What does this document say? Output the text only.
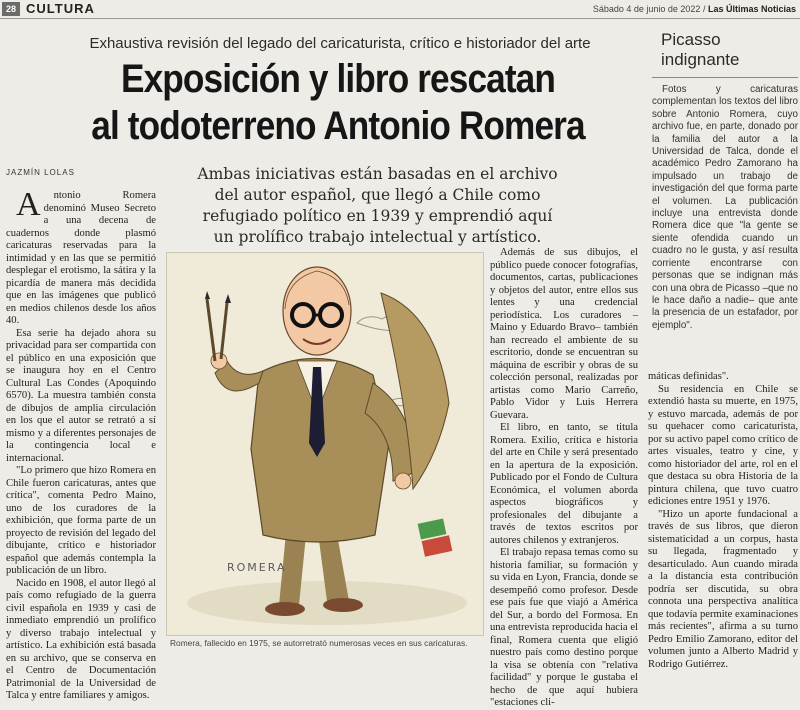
28 CULTURA	Sábado 4 de junio de 2022 / Las Últimas Noticias
Exhaustiva revisión del legado del caricaturista, crítico e historiador del arte
Exposición y libro rescatan
al todoterreno Antonio Romera
JAZMÍN LOLAS	Ambas iniciativas están basadas en el archivo del autor español, que llegó a Chile como refugiado político en 1939 y emprendió aquí un prolífico trabajo intelectual y artístico.

Antonio Romera denominó Museo Secreto a una decena de cuadernos donde plasmó caricaturas reservadas para la intimidad y en las que se permitió desplegar el erotismo, la sátira y la picardía de manera más decidida que en las imágenes que publicó en medios chilenos desde los años 40.

Esa serie ha dejado ahora su privacidad para ser compartida con el público en una exposición que se inaugura hoy en el Centro Cultural Las Condes (Apoquindo 6570). La muestra también consta de dibujos de amplia circulación en los que el autor se retrató a sí mismo y a diferentes personajes de la contingencia local e internacional.

"Lo primero que hizo Romera en Chile fueron caricaturas, antes que crítica", comenta Pedro Maino, uno de los curadores de la exhibición, que forma parte de un proyecto de revisión del legado del dibujante, crítico e historiador español que además contempla la publicación de un libro.

Nacido en 1908, el autor llegó al país como refugiado de la guerra civil española en 1939 y casi de inmediato emprendió un prolífico y diverso trabajo intelectual y artístico. La exhibición está basada en su archivo, que se conserva en el Centro de Documentación Patrimonial de la Universidad de Talca y entre familiares y amigos.

ROMERA
Romera, fallecido en 1975, se autorretrató numerosas veces en sus caricaturas.

Además de sus dibujos, el público puede conocer fotografías, documentos, cartas, publicaciones y objetos del autor, entre ellos sus lentes y una credencial periodística. Los curadores –Maino y Eduardo Bravo– también han recreado el ambiente de su escritorio, donde se encuentran su máquina de escribir y obras de su colección personal, realizadas por artistas como Mario Carreño, Pablo Vidor y Luis Herrera Guevara.

El libro, en tanto, se titula Romera. Exilio, crítica e historia del arte en Chile y será presentado en la apertura de la exposición. Publicado por el Fondo de Cultura Económica, el volumen aborda aspectos biográficos y profesionales del dibujante a través de textos escritos por autores chilenos y extranjeros.

El trabajo repasa temas como su historia familiar, su formación y su vida en Lyon, Francia, donde se desempeñó como profesor. Desde ese país fue que viajó a América del Sur, a bordo del Formosa. En una entrevista reproducida hacia el final, Romera cuenta que eligió nuestro país como destino porque la visa se obtenía con "relativa facilidad" y porque le gustaba el hecho de que aquí hubiera "estaciones cli-

Picasso
indignante

Fotos y caricaturas complementan los textos del libro sobre Antonio Romera, cuyo archivo fue, en parte, donado por la familia del autor a la Universidad de Talca, donde el académico Pedro Zamorano ha impulsado un trabajo de investigación del que forma parte el volumen. La publicación incluye una entrevista donde Romera dice que "la gente se siente ofendida cuando un cuadro no le gusta, y así resulta corriente encontrarse con personas que se indignan más con una obra de Picasso –que no le hace daño a nadie– que ante la presencia de un estafador, por ejemplo".

máticas definidas".

Su residencia en Chile se extendió hasta su muerte, en 1975, y estuvo marcada, además de por su quehacer como caricaturista, por su activo papel como crítico de artes visuales, teatro y cine, y como historiador del arte, rol en el que destaca su obra Historia de la pintura chilena, que tuvo cuatro ediciones entre 1951 y 1976.

"Hizo un aporte fundacional a través de sus libros, que dieron sistematicidad a un corpus, hasta su llegada, fragmentado y desarticulado. Aun cuando mirada a la distancia esta contribución podría ser discutida, su obra connota una perspectiva analítica que todavía permite examinaciones más recientes", afirma a su turno Pedro Emilio Zamorano, editor del volumen junto a Alberto Madrid y Rodrigo Gutiérrez.
